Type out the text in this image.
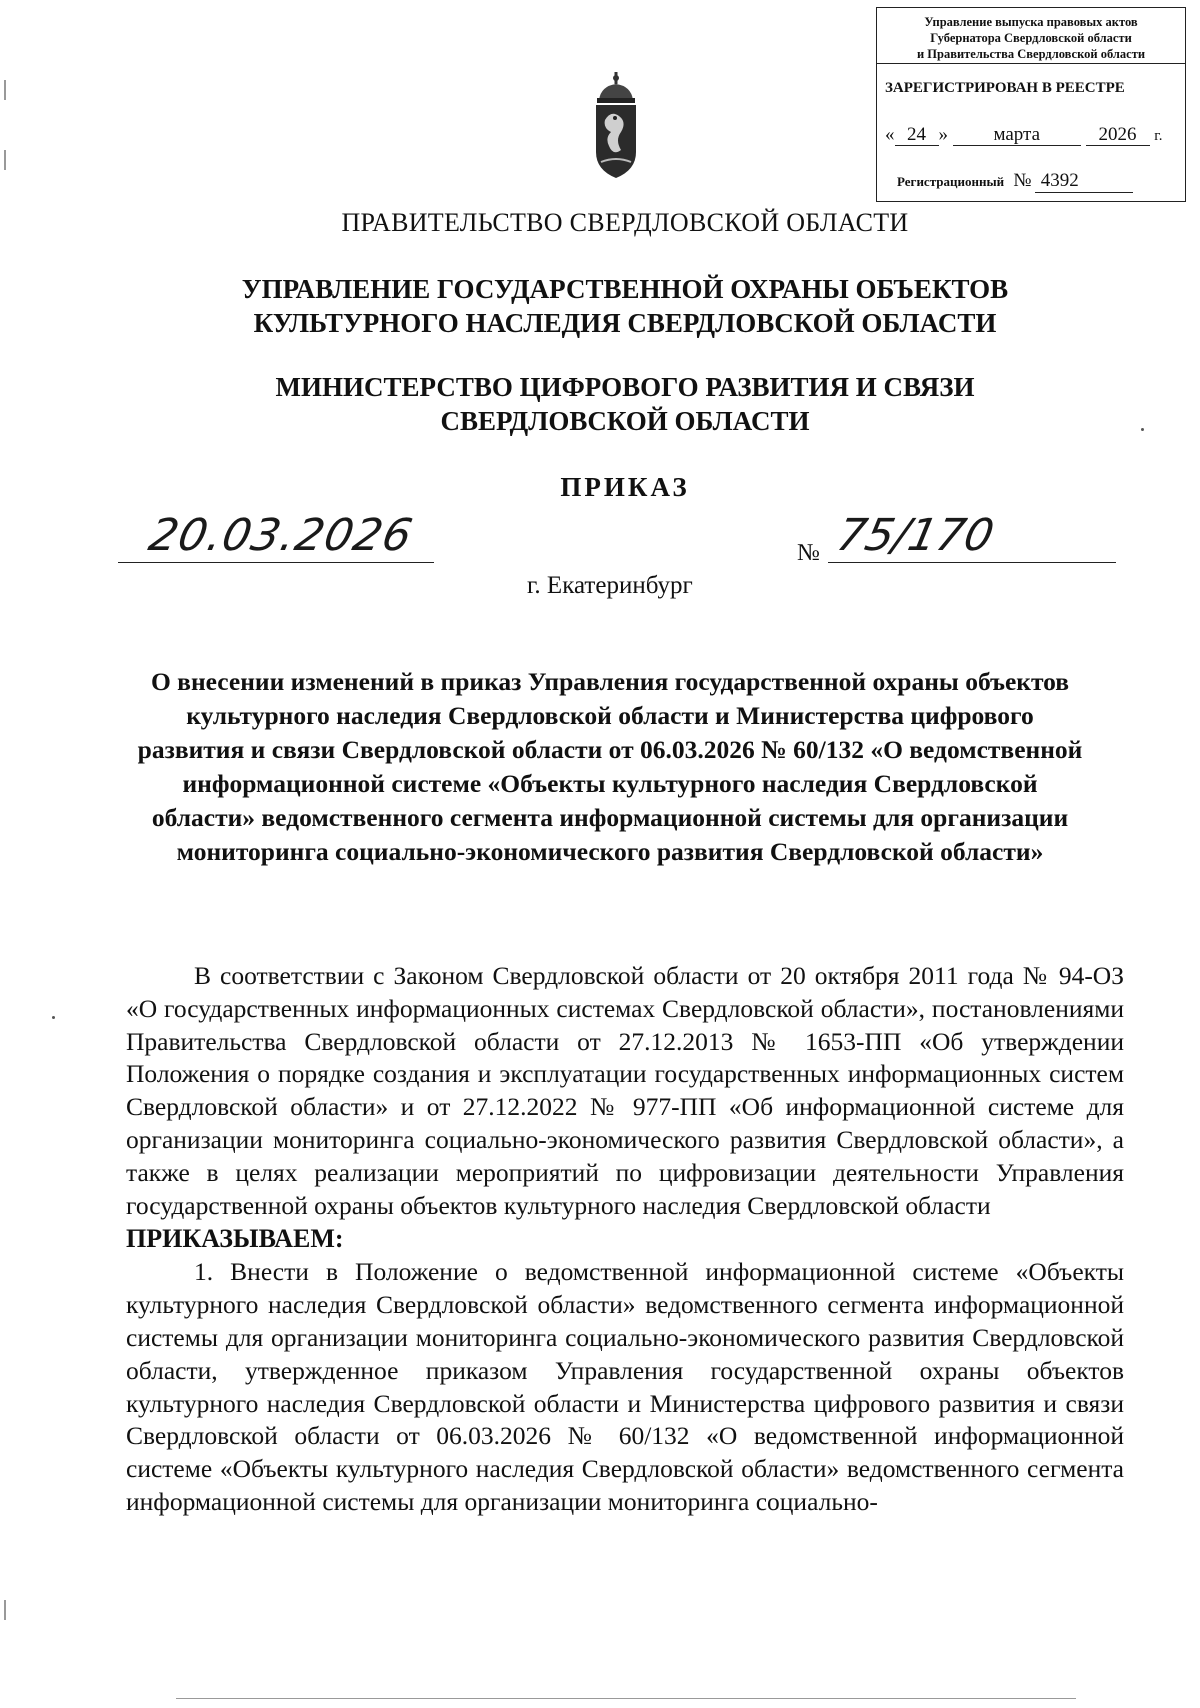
Управление выпуска правовых актов
Губернатора Свердловской области
и Правительства Свердловской области
ЗАРЕГИСТРИРОВАН В РЕЕСТРЕ
« 24 » марта	2026 г.
Регистрационный № 4392
ПРАВИТЕЛЬСТВО СВЕРДЛОВСКОЙ ОБЛАСТИ
УПРАВЛЕНИЕ ГОСУДАРСТВЕННОЙ ОХРАНЫ ОБЪЕКТОВ
КУЛЬТУРНОГО НАСЛЕДИЯ СВЕРДЛОВСКОЙ ОБЛАСТИ
МИНИСТЕРСТВО ЦИФРОВОГО РАЗВИТИЯ И СВЯЗИ
СВЕРДЛОВСКОЙ ОБЛАСТИ
ПРИКАЗ
20.03.2026	№ 75/170
г. Екатеринбург
О внесении изменений в приказ Управления государственной охраны объектов культурного наследия Свердловской области и Министерства цифрового развития и связи Свердловской области от 06.03.2026 № 60/132 «О ведомственной информационной системе «Объекты культурного наследия Свердловской области» ведомственного сегмента информационной системы для организации мониторинга социально-экономического развития Свердловской области»

В соответствии с Законом Свердловской области от 20 октября 2011 года № 94-ОЗ «О государственных информационных системах Свердловской области», постановлениями Правительства Свердловской области от 27.12.2013 № 1653-ПП «Об утверждении Положения о порядке создания и эксплуатации государственных информационных систем Свердловской области» и от 27.12.2022 № 977-ПП «Об информационной системе для организации мониторинга социально-экономического развития Свердловской области», а также в целях реализации мероприятий по цифровизации деятельности Управления государственной охраны объектов культурного наследия Свердловской области

ПРИКАЗЫВАЕМ:

1. Внести в Положение о ведомственной информационной системе «Объекты культурного наследия Свердловской области» ведомственного сегмента информационной системы для организации мониторинга социально-экономического развития Свердловской области, утвержденное приказом Управления государственной охраны объектов культурного наследия Свердловской области и Министерства цифрового развития и связи Свердловской области от 06.03.2026 № 60/132 «О ведомственной информационной системе «Объекты культурного наследия Свердловской области» ведомственного сегмента информационной системы для организации мониторинга социально-
